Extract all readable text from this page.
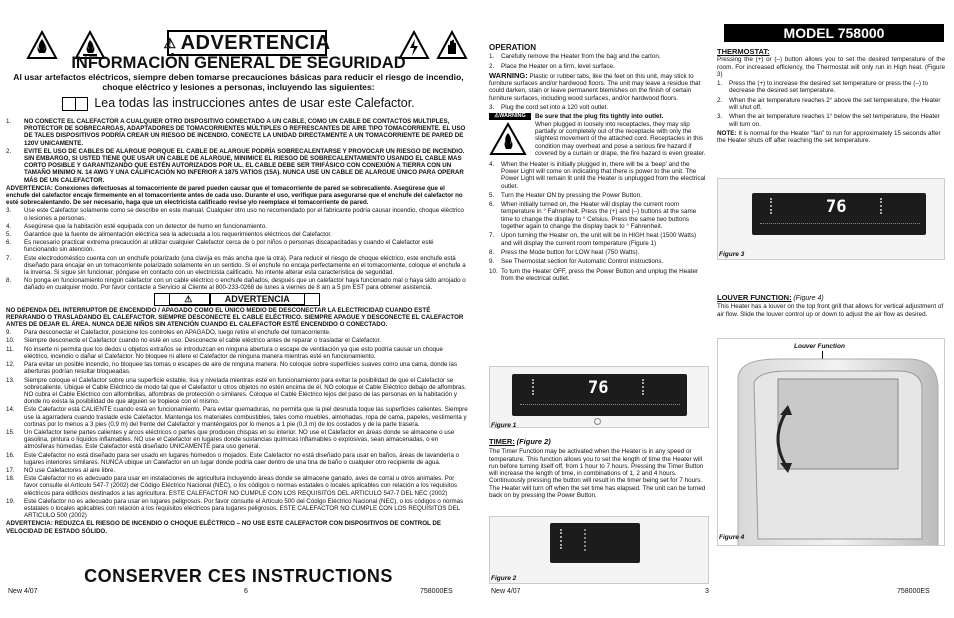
⚠ ADVERTENCIA
INFORMACIÓN GENERAL DE SEGURIDAD
Al usar artefactos eléctricos, siempre deben tomarse precauciones básicas para reducir el riesgo de incendio, choque eléctrico y lesiones a personas, incluyendo las siguientes:
Lea todas las instrucciones antes de usar este Calefactor.

1.	NO CONECTE EL CALEFACTOR A CUALQUIER OTRO DISPOSITIVO CONECTADO A UN CABLE, COMO UN CABLE DE CONTACTOS MÚLTIPLES, PROTECTOR DE SOBRECARGAS, ADAPTADORES DE TOMACORRIENTES MÚLTIPLES O REFRESCANTES DE AIRE TIPO TOMACORRIENTE. EL USO DE TALES DISPOSITIVOS PODRÍA CREAR UN RIESGO DE INCENDIO. CONECTE LA UNIDAD DIRECTAMENTE A UN TOMACORRIENTE DE PARED DE 120V UNICAMENTE.

2.	EVITE EL USO DE CABLES DE ALARGUE PORQUE EL CABLE DE ALARGUE PODRÍA SOBRECALENTARSE Y PROVOCAR UN RIESGO DE INCENDIO. SIN EMBARGO, SI USTED TIENE QUE USAR UN CABLE DE ALARGUE, MINIMICE EL RIESGO DE SOBRECALENTAMIENTO USANDO EL CABLE MAS CORTO POSIBLE Y GARANTIZANDO QUE ESTÉN AUTORIZADOS POR UL. EL CABLE DEBE SER TRIFÁSICO CON CONEXIÓN A TIERRA CON UN TAMAÑO MINIMO N. 14 AWG Y UNA CALIFICACIÓN NO INFERIOR A 1875 VATIOS (15A). NUNCA USE UN CABLE DE ALARGUE ÚNICO PARA OPERAR MÁS DE UN CALEFACTOR.

ADVERTENCIA: Conexiones defectuosas al tomacorriente de pared pueden causar que el tomacorriente de pared se sobrecaliente. Asegúrese que el enchufe del calefactor encaje firmemente en el tomacorriente antes de cada uso. Durante el uso, verifique para asegurarse que el enchufe del calefactor no esté sobrecalentando. De ser necesario, haga que un electricista calificado revise y/o reemplace el tomacorriente de pared.

3.	Use este Calefactor solamente como se describe en este manual. Cualquier otro uso no recomendado por el fabricante podría causar incendio, choque eléctrico o lesiones a personas.

4.	Asegúrese que la habitación esté equipada con un detector de humo en funcionamiento.

5.	Garantice que la fuente de alimentación eléctrica sea la adecuada a los requerimientos eléctricos del Calefactor.

6.	Es necesario practicar extrema precaución al utilizar cualquier Calefactor cerca de o por niños o personas discapacitadas y cuando el Calefactor esté funcionando sin atención.

7.	Este electrodoméstico cuenta con un enchufe polarizado (una clavija es más ancha que la otra). Para reducir el riesgo de choque eléctrico, este enchufe está diseñado para encajar en un tomacorriente polarizado solamente en un sentido. Si el enchufe no encaja perfectamente en el tomacorriente, coloque el enchufe a la inversa. Si sigue sin funcionar, póngase en contacto con un electricista calificado. No intente alterar esta característica de seguridad.

8.	No ponga en funcionamiento ningún calefactor con un cable eléctrico o enchufe dañados, después que un calefactor haya funcionado mal o haya sido arrojado o dañado en cualquier modo. Por favor contacte a Servicio al Cliente al 800-233-0268 de lunes a viernes de 8 am a 5 pm EST para obtener asistencia.

⚠	ADVERTENCIA

NO DEPENDA DEL INTERRUPTOR DE ENCENDIDO / APAGADO COMO EL ÚNICO MEDIO DE DESCONECTAR LA ELECTRICIDAD CUANDO ESTÉ REPARANDO O TRASLADANDO EL CALEFACTOR. SIEMPRE DESCONECTE EL CABLE ELÉCTRICO. SIEMPRE APAGUE Y DESCONECTE EL CALEFACTOR ANTES DE DEJAR EL ÁREA. NUNCA DEJE NIÑOS SIN ATENCIÓN CUANDO EL CALEFACTOR ESTÉ ENCENDIDO O CONECTADO.

9.	Para desconectar el Calefactor, posicione los controles en APAGADO, luego retire el enchufe del tomacorriente.

10.	Siempre desconecte el Calefactor cuando no esté en uso. Desconecte el cable eléctrico antes de reparar o trasladar el Calefactor.

11.	No inserte ni permita que los dedos u objetos extraños se introduzcan en ninguna abertura o escape de ventilación ya que esto podría causar un choque eléctrico, incendio o dañar el Calefactor. No bloquee ni altere el Calefactor de ninguna manera mientras esté en funcionamiento.

12.	Para evitar un posible incendio, no bloquee las tomas o escapes de aire de ninguna manera. No coloque sobre superficies suaves como una cama, donde las aberturas podrían resultar bloqueadas.

13.	Siempre coloque el Calefactor sobre una superficie estable, lisa y nivelada mientras esté en funcionamiento para evitar la posibilidad de que el Calefactor se sobrecaliente. Ubique el Cable Eléctrico de modo tal que el Calefactor u otros objetos no estén encima de él. NO coloque el Cable Eléctrico debajo de alfombras. NO cubra el Cable Eléctrico con alfombrillas, alfombras de protección o similares. Coloque el Cable Eléctrico lejos del paso de las personas en la habitación y donde no exista la posibilidad de que alguien se tropiece con el mismo.

14.	Este Calefactor está CALIENTE cuando está en funcionamiento. Para evitar quemaduras, no permita que la piel desnuda toque las superficies calientes. Siempre use la agarradera cuando traslade este Calefactor. Mantenga los materiales combustibles, tales como muebles, almohadas, ropa de cama, papeles, vestimenta y cortinas por lo menos a 3 pies (0,9 m) del frente del Calefactor y manténgalos por lo menos a 1 pie (0,3 m) de los costados y de la parte trasera.

15.	Un Calefactor tiene partes calientes y arcos eléctricos o partes que producen chispas en su interior. NO use el Calefactor en áreas donde se almacene o use gasolina, pintura o líquidos inflamables. NO use el Calefactor en lugares donde sustancias químicas inflamables o explosivas, sean almacenadas, o en atmósferas húmedas. Este Calefactor está diseñado ÚNICAMENTE para uso general.

16.	Este Calefactor no está diseñado para ser usado en lugares húmedos o mojados. Este Calefactor no está diseñado para usar en baños, áreas de lavandería o lugares interiores similares. NUNCA ubique un Calefactor en un lugar donde podría caer dentro de una tina de baño o cualquier otro recipiente de agua.

17.	NO use Calefactores al aire libre.

18.	Este Calefactor no es adecuado para usar en instalaciones de agricultura incluyendo áreas donde se almacene ganado, aves de corral u otros animales. Por favor consulte el Artículo 547-7 (2002) del Código Eléctrico Nacional (NEC), o los códigos o normas estatales o locales aplicables con relación a los requisitos eléctricos para edificios destinados a las agricultura. ESTE CALEFACTOR NO CUMPLE CON LOS REQUISITOS DEL ARTICULO 547-7 DEL NEC (2002)

19.	Este Calefactor no es adecuado para usar en lugares peligrosos. Por favor consulte el Artículo 500 del Código Eléctrico Nacional (NEC), o los códigos o normas estatales o locales aplicables con relación a los requisitos eléctricos para lugares peligrosos. ESTE CALEFACTOR NO CUMPLE CON LOS REQUISITOS DEL ARTICULO 500 (2002)

ADVERTENCIA: REDUZCA EL RIESGO DE INCENDIO O CHOQUE ELÉCTRICO – NO USE ESTE CALEFACTOR CON DISPOSITIVOS DE CONTROL DE VELOCIDAD DE ESTADO SÓLIDO.

CONSERVER CES INSTRUCTIONS
New 4/07	6	758000ES
MODEL 758000
OPERATION
1.	Carefully remove the Heater from the bag and the carton.
2.	Place the Heater on a firm, level surface.

WARNING: Plastic or rubber tabs, like the feet on this unit, may stick to furniture surfaces and/or hardwood floors. The unit may leave a residue that could darken, stain or leave permanent blemishes on the finish of certain furniture surfaces, including wood surfaces, and/or hardwood floors.

3.	Plug the cord set into a 120 volt outlet.
⚠WARNING	Be sure that the plug fits tightly into outlet.
When plugged in loosely into receptacles, they may slip partially or completely out of the receptacle with only the slightest movement of the attached cord. Receptacles in this condition may overheat and pose a serious fire hazard if covered by a curtain or drape, the fire hazard is even greater.
4.	When the Heater is initially plugged in, there will be a 'beep' and the Power Light will come on indicating that there is power to the unit. The Power Light will remain lit until the Heater is unplugged from the electrical outlet.
5.	Turn the Heater ON by pressing the Power Button.
6.	When initially turned on, the Heater will display the current room temperature in ° Fahrenheit. Press the (+) and (–) buttons at the same time to change the display to ° Celsius. Press the same two buttons together again to change the display back to ° Fahrenheit.
7.	Upon turning the Heater on, the unit will be in HIGH heat (1500 Watts) and will display the current room temperature (Figure 1)
8.	Press the Mode button for LOW heat (750 Watts).
9.	See Thermostat section for Automatic Control instructions.
10. To turn the Heater OFF, press the Power Button and unplug the Heater from the electrical outlet.
76
Figure 1
TIMER: (Figure 2)
The Timer Function may be activated when the Heater is in any speed or temperature. This function allows you to set the length of time the Heater will run before turning itself off, from 1 hour to 7 hours. Pressing the Timer Button will increase the length of time, in combinations of 1, 2 and 4 hours. Continuously pressing the button will result in the timer being set for 7 hours. The Heater will turn off when the set time has elapsed. The unit can be turned back on by pressing the Power Button.
Figure 2
THERMOSTAT:
Pressing the (+) or (–) button allows you to set the desired temperature of the room. For increased efficiency, the Thermostat will only run in High heat. (Figure 3)
1.	Press the (+) to increase the desired set temperature or press the (–) to decrease the desired set temperature.
2.	When the air temperature reaches 2° above the set temperature, the Heater will shut off.
3.	When the air temperature reaches 1° below the set temperature, the Heater will turn on.

NOTE: It is normal for the Heater "fan" to run for approximately 15 seconds after the Heater shuts off after reaching the set temperature.

76
Figure 3
LOUVER FUNCTION: (Figure 4)
This Heater has a louver on the top front grill that allows for vertical adjustment of air flow. Slide the louver control up or down to adjust the air flow as desired.
Louver Function
Figure 4
New 4/07	3	758000ES
